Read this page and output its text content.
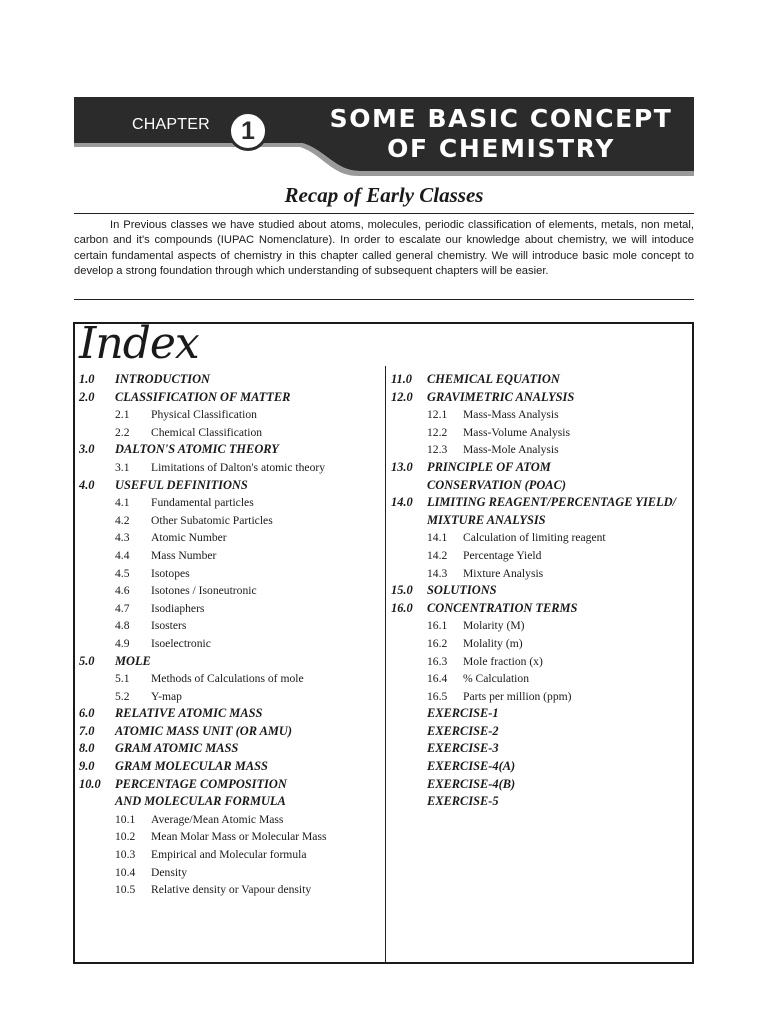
CHAPTER	1	SOME BASIC CONCEPT
OF CHEMISTRY
Recap of Early Classes

In Previous classes we have studied about atoms, molecules, periodic classification of elements, metals, non metal, carbon and it's compounds (IUPAC Nomenclature). In order to escalate our knowledge about chemistry, we will intoduce certain fundamental aspects of chemistry in this chapter called general chemistry. We will introduce basic mole concept to develop a strong foundation through which understanding of subsequent chapters will be easier.

Index
1.0 INTRODUCTION
2.0 CLASSIFICATION OF MATTER
2.1 Physical Classification
2.2 Chemical Classification
3.0 DALTON'S ATOMIC THEORY
3.1 Limitations of Dalton's atomic theory
4.0 USEFUL DEFINITIONS
4.1 Fundamental particles
4.2 Other Subatomic Particles
4.3 Atomic Number
4.4 Mass Number
4.5 Isotopes
4.6 Isotones / Isoneutronic
4.7 Isodiaphers
4.8 Isosters
4.9 Isoelectronic
5.0 MOLE
5.1 Methods of Calculations of mole
5.2 Y-map
6.0 RELATIVE ATOMIC MASS
7.0 ATOMIC MASS UNIT (OR AMU)
8.0 GRAM ATOMIC MASS
9.0 GRAM MOLECULAR MASS
10.0 PERCENTAGE COMPOSITION
AND MOLECULAR FORMULA
10.1 Average/Mean Atomic Mass
10.2 Mean Molar Mass or Molecular Mass
10.3 Empirical and Molecular formula
10.4 Density
10.5 Relative density or Vapour density
11.0 CHEMICAL EQUATION
12.0 GRAVIMETRIC ANALYSIS
12.1 Mass-Mass Analysis
12.2 Mass-Volume Analysis
12.3 Mass-Mole Analysis
13.0 PRINCIPLE OF ATOM
CONSERVATION (POAC)
14.0 LIMITING REAGENT/PERCENTAGE YIELD/
MIXTURE ANALYSIS
14.1 Calculation of limiting reagent
14.2 Percentage Yield
14.3 Mixture Analysis
15.0 SOLUTIONS
16.0 CONCENTRATION TERMS
16.1 Molarity (M)
16.2 Molality (m)
16.3 Mole fraction (x)
16.4 % Calculation
16.5 Parts per million (ppm)
EXERCISE-1
EXERCISE-2
EXERCISE-3
EXERCISE-4(A)
EXERCISE-4(B)
EXERCISE-5
